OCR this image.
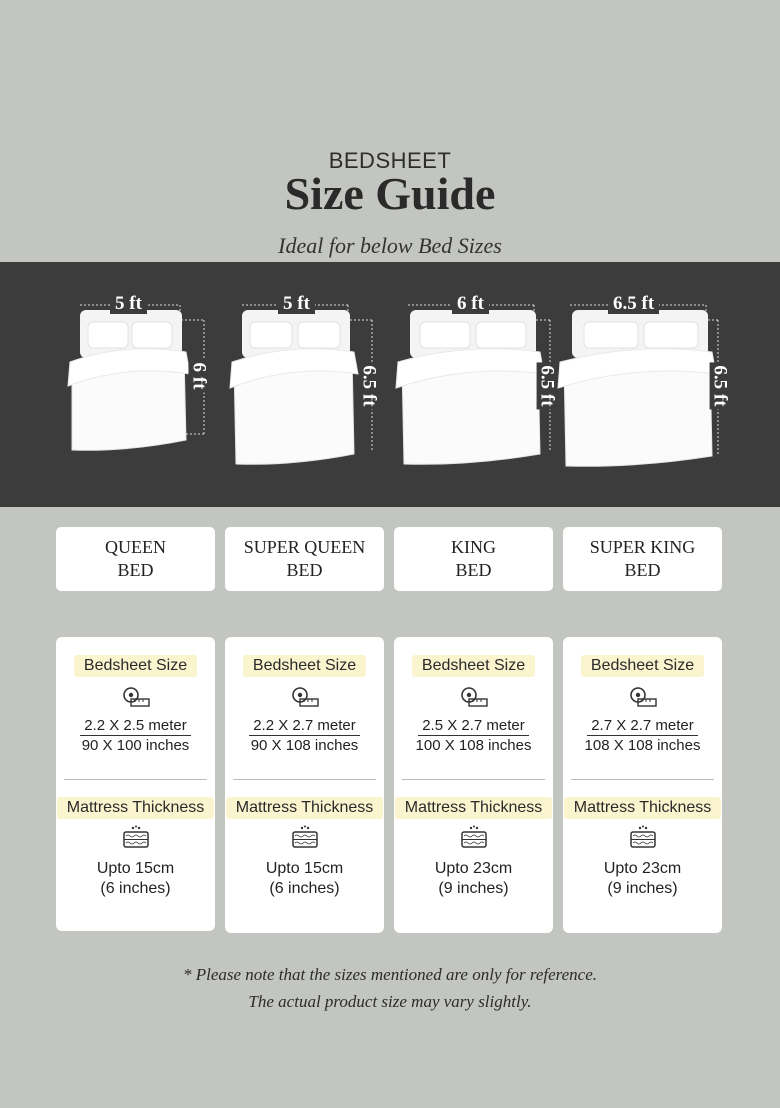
BEDSHEET
Size Guide
Ideal for below Bed Sizes
5 ft
6 ft
5 ft
6.5 ft
6 ft
6.5 ft
6.5 ft
6.5 ft
QUEEN
BED
SUPER QUEEN
BED
KING
BED
SUPER KING
BED
Bedsheet Size
2.2 X 2.5 meter
90 X 100 inches
Mattress Thickness
Upto 15cm
(6 inches)
Bedsheet Size
2.2 X 2.7 meter
90 X 108 inches
Mattress Thickness
Upto 15cm
(6 inches)
Bedsheet Size
2.5 X 2.7 meter
100 X 108 inches
Mattress Thickness
Upto 23cm
(9 inches)
Bedsheet Size
2.7 X 2.7 meter
108 X 108 inches
Mattress Thickness
Upto 23cm
(9 inches)
* Please note that the sizes mentioned are only for reference.
The actual product size may vary slightly.
